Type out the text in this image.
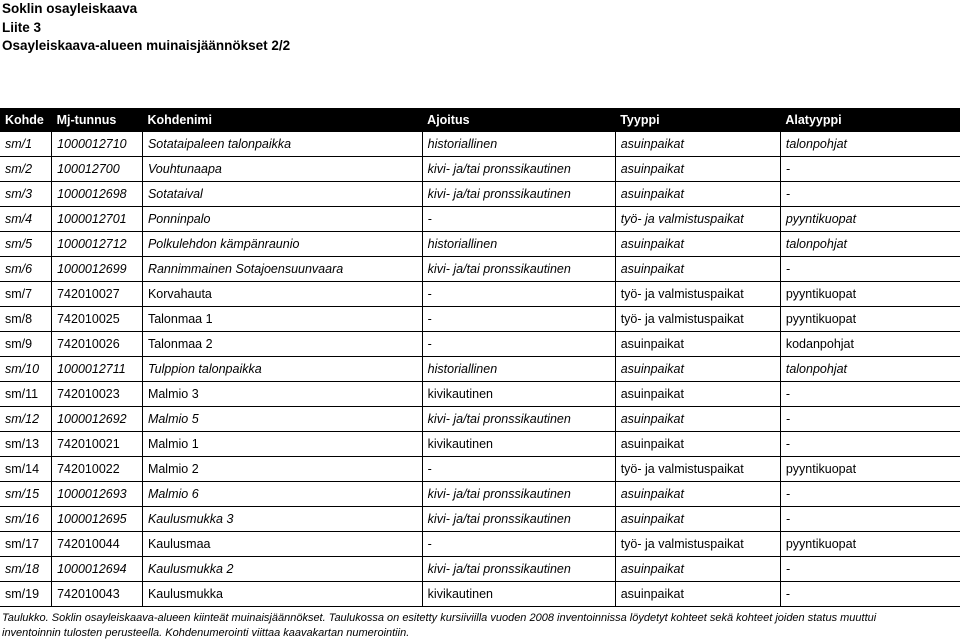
Soklin osayleiskaava
Liite 3
Osayleiskaava-alueen muinaisjäännökset 2/2
Kohde	Mj-tunnus	Kohdenimi	Ajoitus	Tyyppi	Alatyyppi
sm/1	1000012710	Sotataipaleen talonpaikka	historiallinen	asuinpaikat	talonpohjat
sm/2	100012700	Vouhtunaapa	kivi- ja/tai pronssikautinen	asuinpaikat	-
sm/3	1000012698	Sotataival	kivi- ja/tai pronssikautinen	asuinpaikat	-
sm/4	1000012701	Ponninpalo	-	työ- ja valmistuspaikat	pyyntikuopat
sm/5	1000012712	Polkulehdon kämpänraunio	historiallinen	asuinpaikat	talonpohjat
sm/6	1000012699	Rannimmainen Sotajoensuunvaara	kivi- ja/tai pronssikautinen	asuinpaikat	-
sm/7	742010027	Korvahauta	-	työ- ja valmistuspaikat	pyyntikuopat
sm/8	742010025	Talonmaa 1	-	työ- ja valmistuspaikat	pyyntikuopat
sm/9	742010026	Talonmaa 2	-	asuinpaikat	kodanpohjat
sm/10	1000012711	Tulppion talonpaikka	historiallinen	asuinpaikat	talonpohjat
sm/11	742010023	Malmio 3	kivikautinen	asuinpaikat	-
sm/12	1000012692	Malmio 5	kivi- ja/tai pronssikautinen	asuinpaikat	-
sm/13	742010021	Malmio 1	kivikautinen	asuinpaikat	-
sm/14	742010022	Malmio 2	-	työ- ja valmistuspaikat	pyyntikuopat
sm/15	1000012693	Malmio 6	kivi- ja/tai pronssikautinen	asuinpaikat	-
sm/16	1000012695	Kaulusmukka 3	kivi- ja/tai pronssikautinen	asuinpaikat	-
sm/17	742010044	Kaulusmaa	-	työ- ja valmistuspaikat	pyyntikuopat
sm/18	1000012694	Kaulusmukka 2	kivi- ja/tai pronssikautinen	asuinpaikat	-
sm/19	742010043	Kaulusmukka	kivikautinen	asuinpaikat	-
Taulukko. Soklin osayleiskaava-alueen kiinteät muinaisjäännökset. Taulukossa on esitetty kursiiviilla vuoden 2008 inventoinnissa löydetyt kohteet sekä kohteet joiden status muuttui
inventoinnin tulosten perusteella. Kohdenumerointi viittaa kaavakartan numerointiin.
